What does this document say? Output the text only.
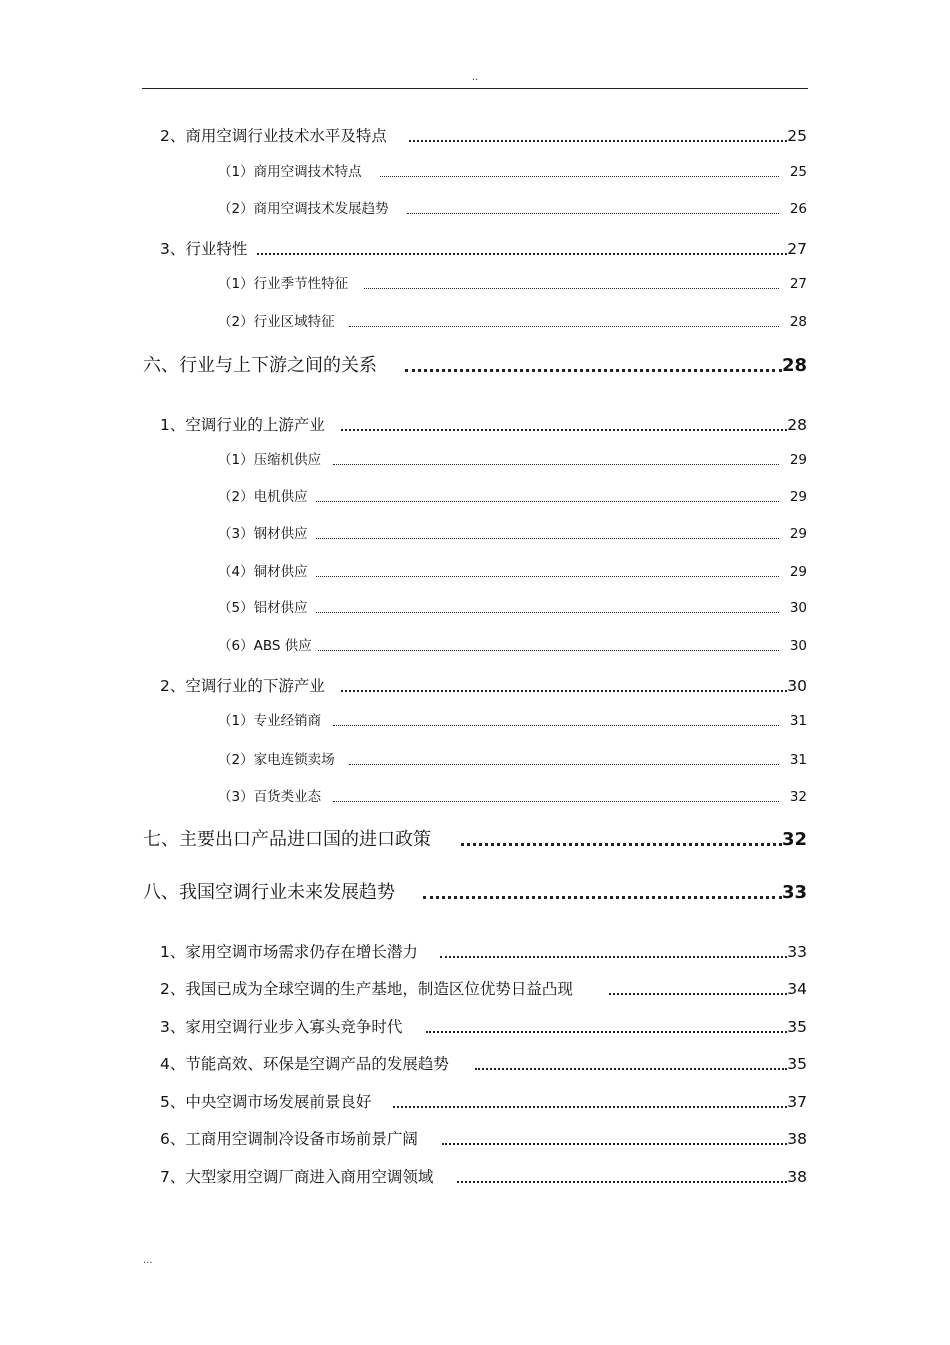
..
2、商用空调行业技术水平及特点	25
（1）商用空调技术特点	25
（2）商用空调技术发展趋势	26
3、行业特性	27
（1）行业季节性特征	27
（2）行业区域特征	28
六、行业与上下游之间的关系	28
1、空调行业的上游产业	28
（1）压缩机供应	29
（2）电机供应	29
（3）钢材供应	29
（4）铜材供应	29
（5）铝材供应	30
（6）ABS 供应	30
2、空调行业的下游产业	30
（1）专业经销商	31
（2）家电连锁卖场	31
（3）百货类业态	32
七、主要出口产品进口国的进口政策	32
八、我国空调行业未来发展趋势	33
1、家用空调市场需求仍存在增长潜力	33
2、我国已成为全球空调的生产基地，制造区位优势日益凸现	34
3、家用空调行业步入寡头竞争时代	35
4、节能高效、环保是空调产品的发展趋势	35
5、中央空调市场发展前景良好	37
6、工商用空调制冷设备市场前景广阔	38
7、大型家用空调厂商进入商用空调领域	38
...
